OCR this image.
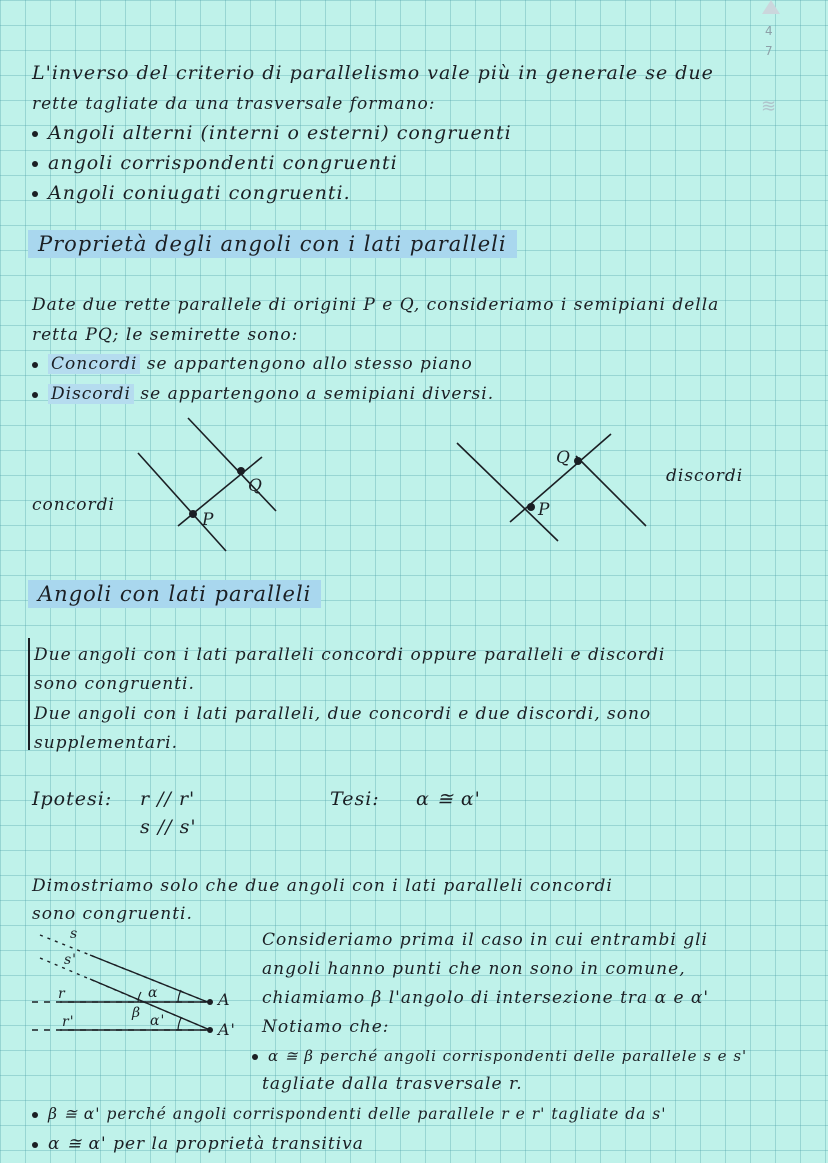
4
7
≋
L'inverso del criterio di parallelismo vale più in generale se due
rette tagliate da una trasversale formano:
Angoli alterni (interni o esterni) congruenti
angoli corrispondenti congruenti
Angoli coniugati congruenti.
Proprietà degli angoli con i lati paralleli
Date due rette parallele di origini P e Q, consideriamo i semipiani della
retta PQ; le semirette sono:
Concordi se appartengono allo stesso piano
Discordi se appartengono a semipiani diversi.
concordi
discordi
P
Q
P
Q
Angoli con lati paralleli
Due angoli con i lati paralleli concordi oppure paralleli e discordi
sono congruenti.
Due angoli con i lati paralleli, due concordi e due discordi, sono
supplementari.
Ipotesi: r // r'
s // s'
Tesi: α ≅ α'
Dimostriamo solo che due angoli con i lati paralleli concordi
sono congruenti.
Consideriamo prima il caso in cui entrambi gli
angoli hanno punti che non sono in comune,
chiamiamo β l'angolo di intersezione tra α e α'
Notiamo che:
α ≅ β perché angoli corrispondenti delle parallele s e s'
tagliate dalla trasversale r.
β ≅ α' perché angoli corrispondenti delle parallele r e r' tagliate da s'
α ≅ α' per la proprietà transitiva
s
s'
r
r'
α
α'
β
A
A'
